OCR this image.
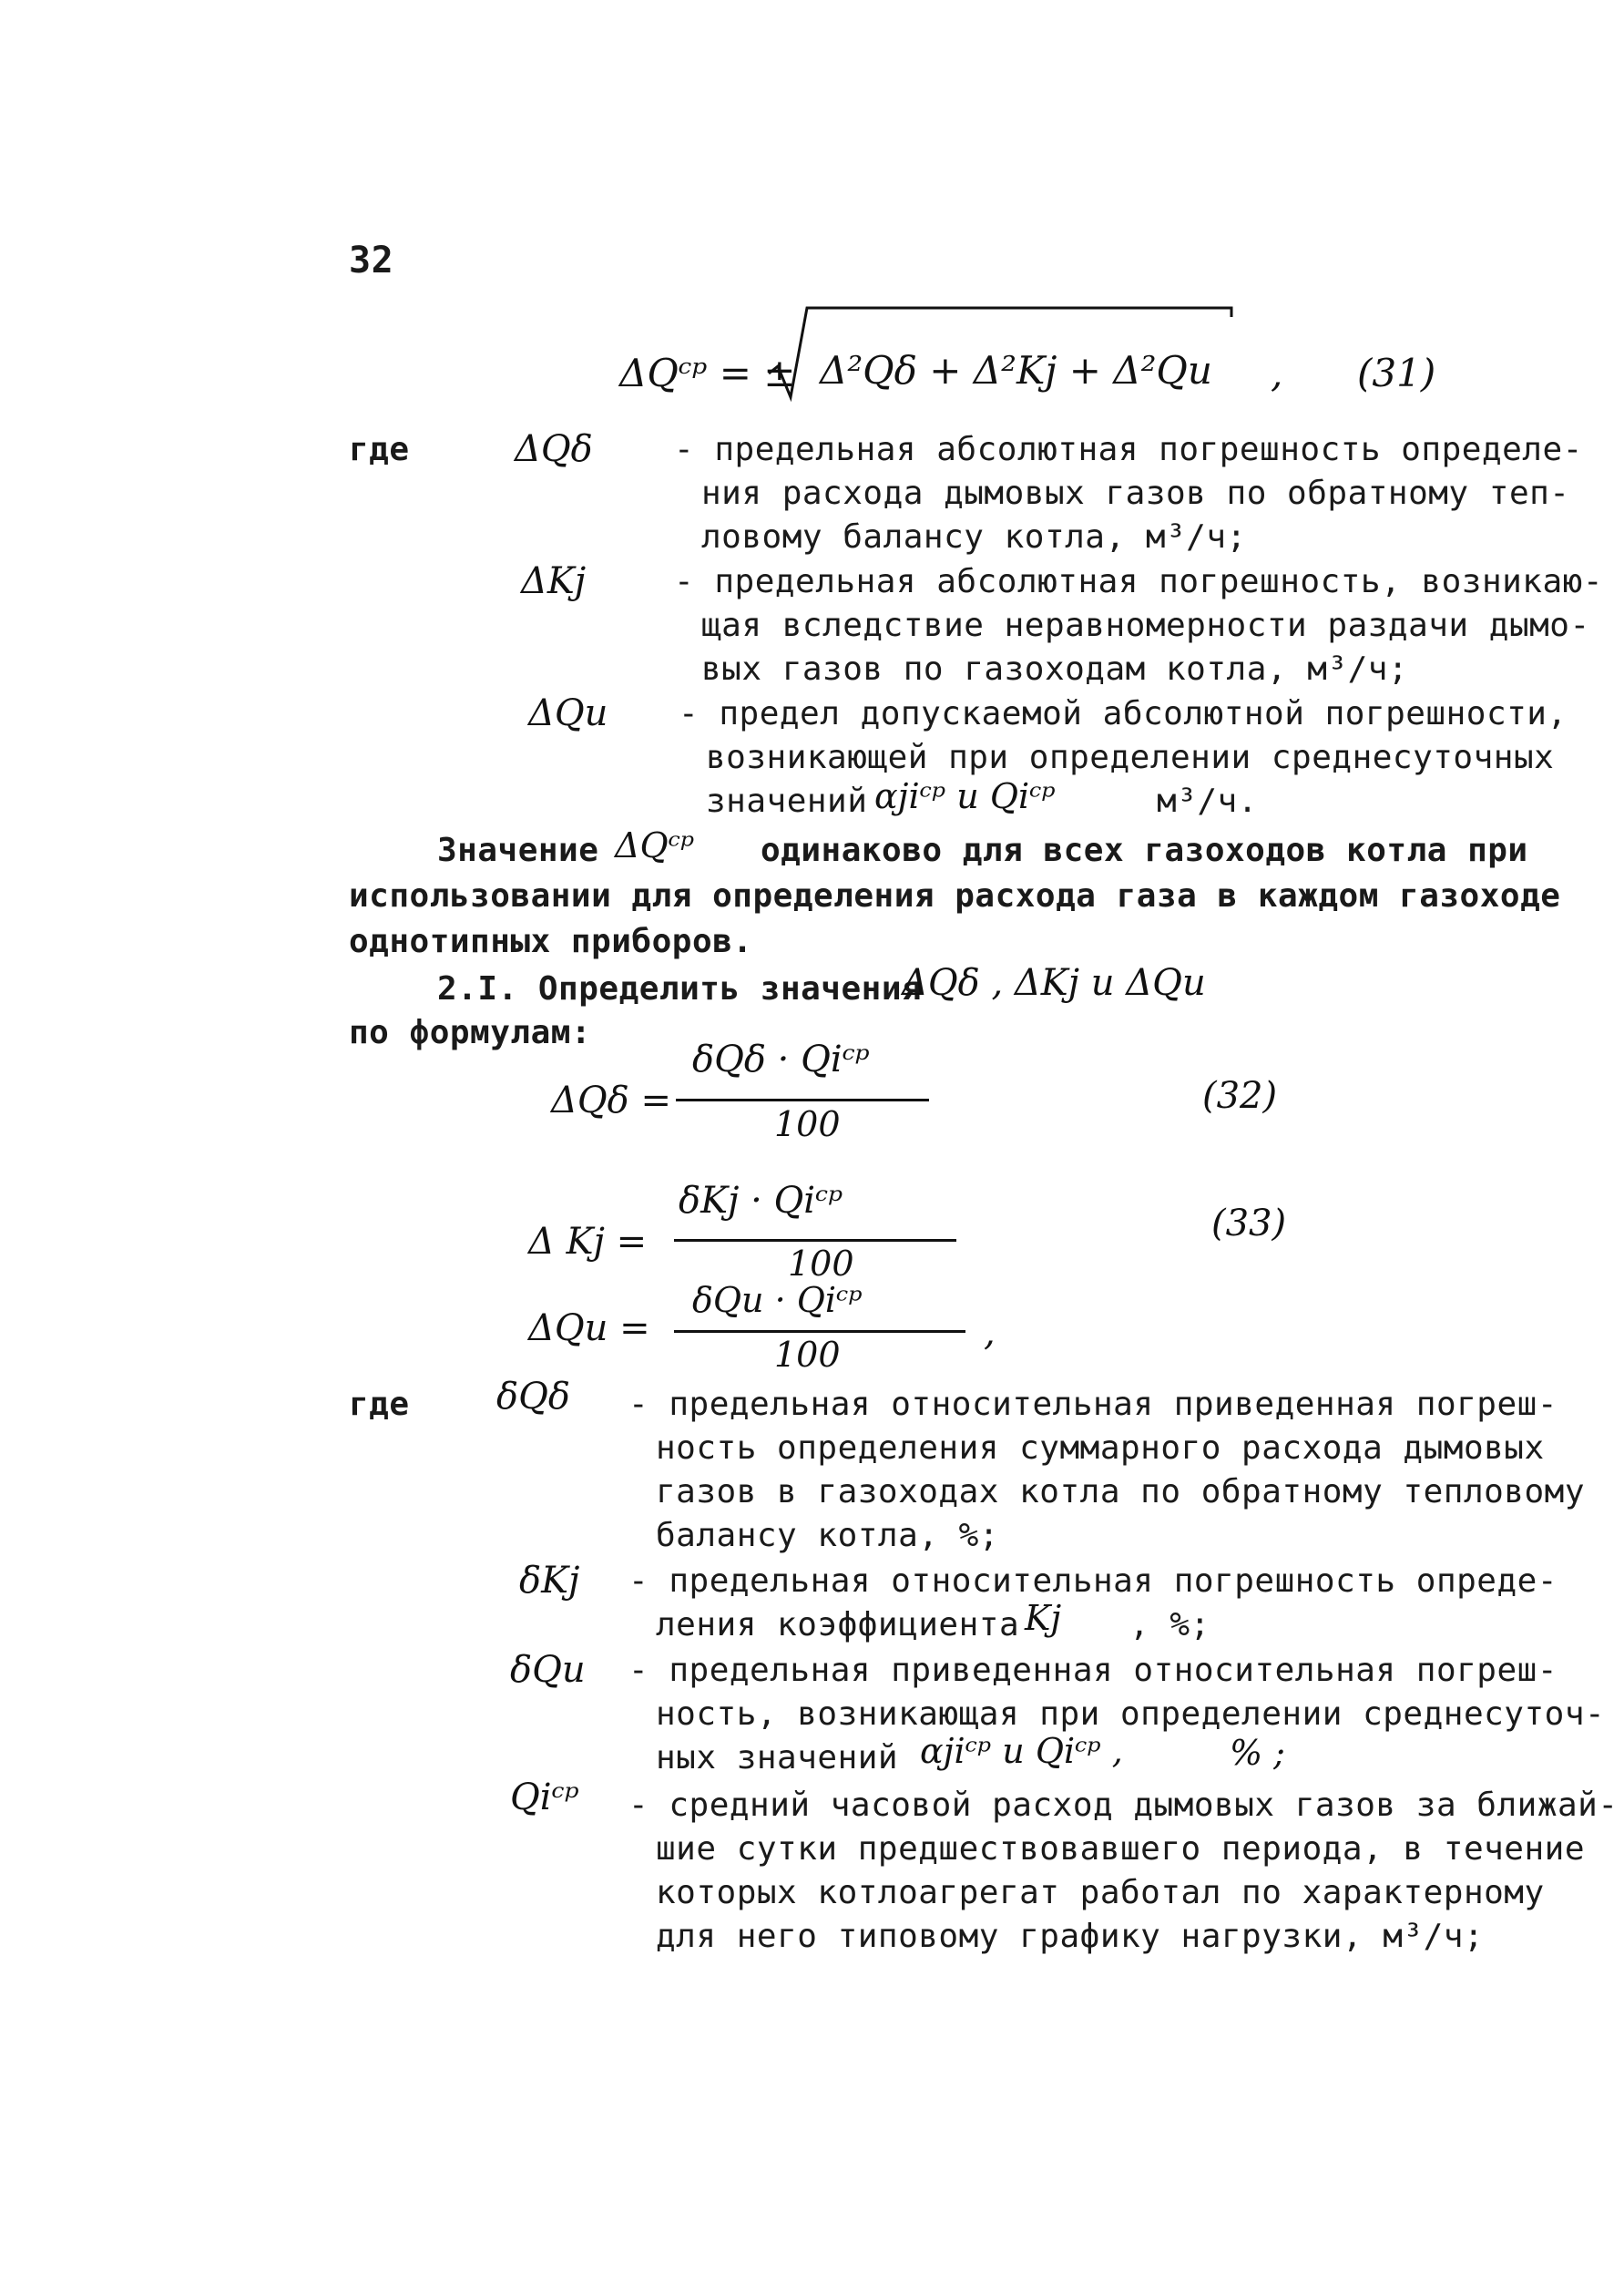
32
ΔQᶜᵖ = ± Δ²Qδ + Δ²Kj + Δ²Qu , (31)
где	ΔQδ - предельная абсолютная погрешность определе-
ния расхода дымовых газов по обратному теп-
ловому балансу котла, м³/ч;
ΔKj	- предельная абсолютная погрешность, возникаю-
щая вследствие неравномерности раздачи дымо-
вых газов по газоходам котла, м³/ч;
ΔQu - предел допускаемой абсолютной погрешности,
возникающей при определении среднесуточных
значений αjiᶜᵖ и Qiᶜᵖ	м³/ч.
Значение ΔQᶜᵖ одинаково для всех газоходов котла при
использовании для определения расхода газа в каждом газоходе
однотипных приборов.
2.I. Определить значения
ΔQδ , ΔKj и ΔQu
по формулам:
ΔQδ =
δQδ · Qiᶜᵖ
100
(32)
Δ Kj =
δKj · Qiᶜᵖ
100
(33)
ΔQu =
δQu · Qiᶜᵖ
100
,
где δQδ - предельная относительная приведенная погреш-
ность определения суммарного расхода дымовых
газов в газоходах котла по обратному тепловому
балансу котла, %;
δKj - предельная относительная погрешность опреде-
ления коэффициента Kj , %;
δQu - предельная приведенная относительная погреш-
ность, возникающая при определении среднесуточ-
ных значений αjiᶜᵖ и Qiᶜᵖ ,	% ;
Qiᶜᵖ - средний часовой расход дымовых газов за ближай-
шие сутки предшествовавшего периода, в течение
которых котлоагрегат работал по характерному
для него типовому графику нагрузки, м³/ч;
